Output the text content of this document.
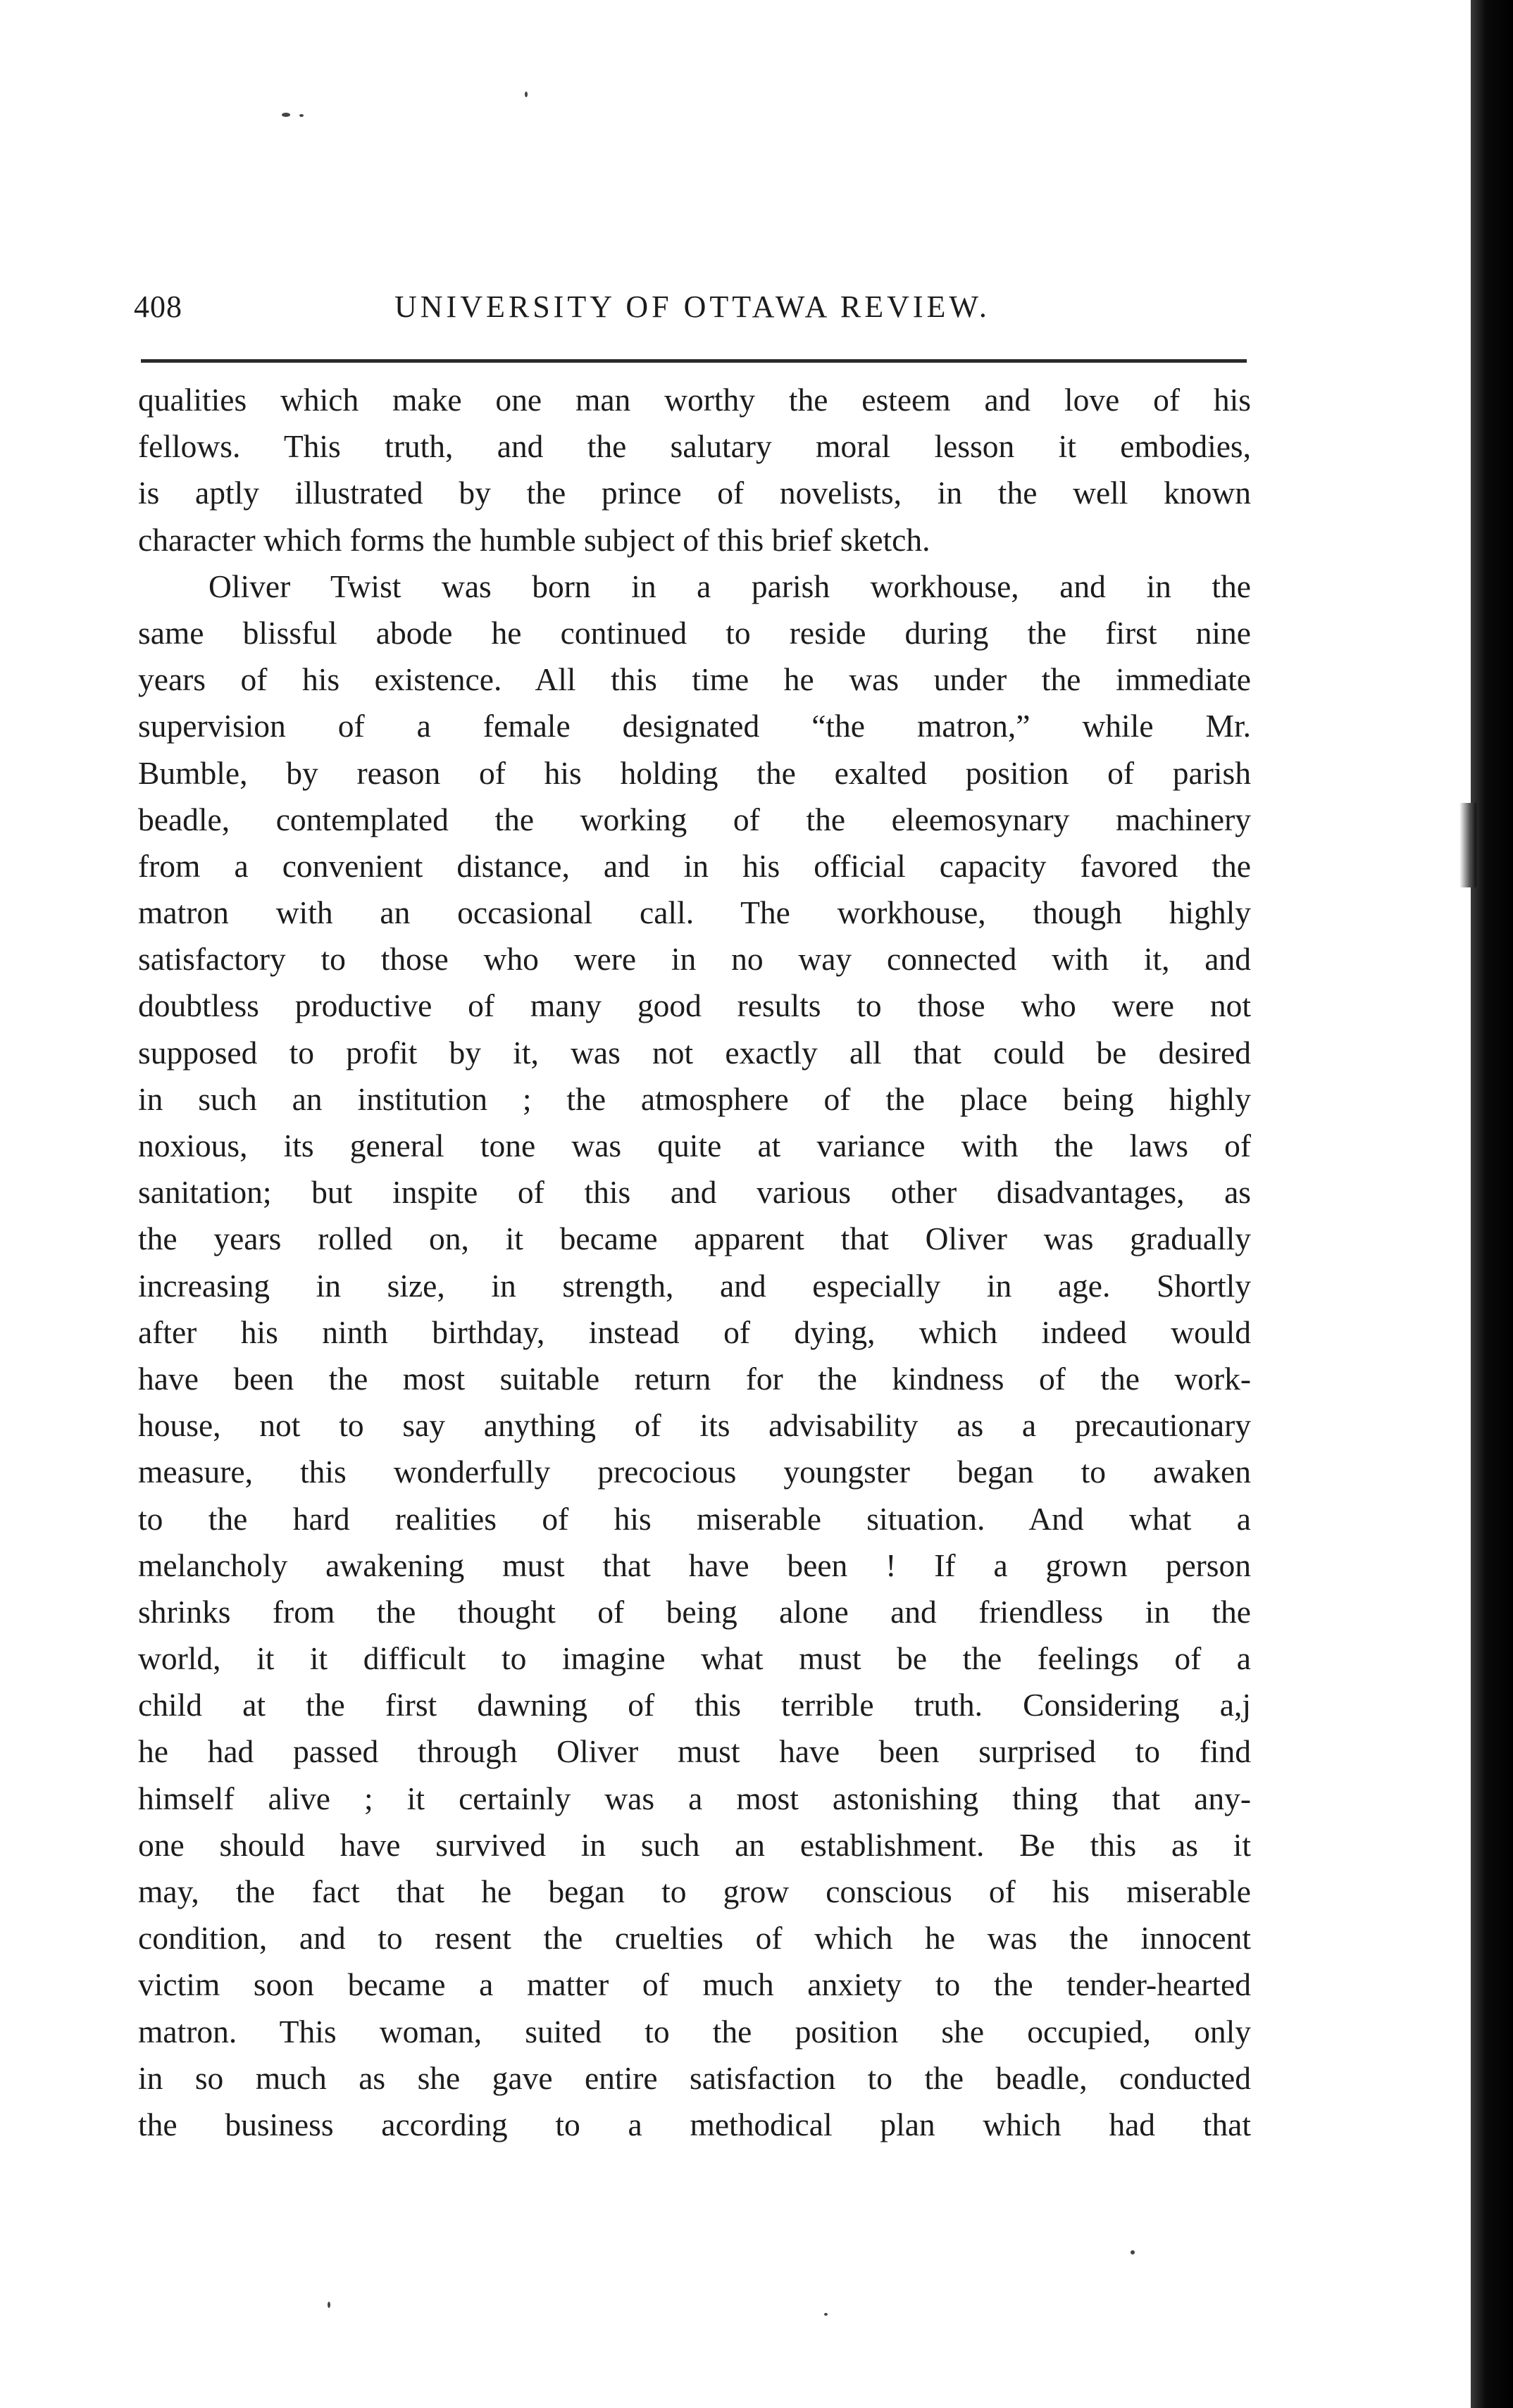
408	UNIVERSITY OF OTTAWA REVIEW.
qualities which make one man worthy the esteem and love of his
fellows. This truth, and the salutary moral lesson it embodies,
is aptly illustrated by the prince of novelists, in the well known
character which forms the humble subject of this brief sketch.
Oliver Twist was born in a parish workhouse, and in the
same blissful abode he continued to reside during the first nine
years of his existence. All this time he was under the immediate
supervision of a female designated “the matron,” while Mr.
Bumble, by reason of his holding the exalted position of parish
beadle, contemplated the working of the eleemosynary machinery
from a convenient distance, and in his official capacity favored the
matron with an occasional call. The workhouse, though highly
satisfactory to those who were in no way connected with it, and
doubtless productive of many good results to those who were not
supposed to profit by it, was not exactly all that could be desired
in such an institution ; the atmosphere of the place being highly
noxious, its general tone was quite at variance with the laws of
sanitation; but inspite of this and various other disadvantages, as
the years rolled on, it became apparent that Oliver was gradually
increasing in size, in strength, and especially in age. Shortly
after his ninth birthday, instead of dying, which indeed would
have been the most suitable return for the kindness of the work-
house, not to say anything of its advisability as a precautionary
measure, this wonderfully precocious youngster began to awaken
to the hard realities of his miserable situation. And what a
melancholy awakening must that have been ! If a grown person
shrinks from the thought of being alone and friendless in the
world, it it difficult to imagine what must be the feelings of a
child at the first dawning of this terrible truth. Considering a,j
he had passed through Oliver must have been surprised to find
himself alive ; it certainly was a most astonishing thing that any-
one should have survived in such an establishment. Be this as it
may, the fact that he began to grow conscious of his miserable
condition, and to resent the cruelties of which he was the innocent
victim soon became a matter of much anxiety to the tender-hearted
matron. This woman, suited to the position she occupied, only
in so much as she gave entire satisfaction to the beadle, conducted
the business according to a methodical plan which had that
